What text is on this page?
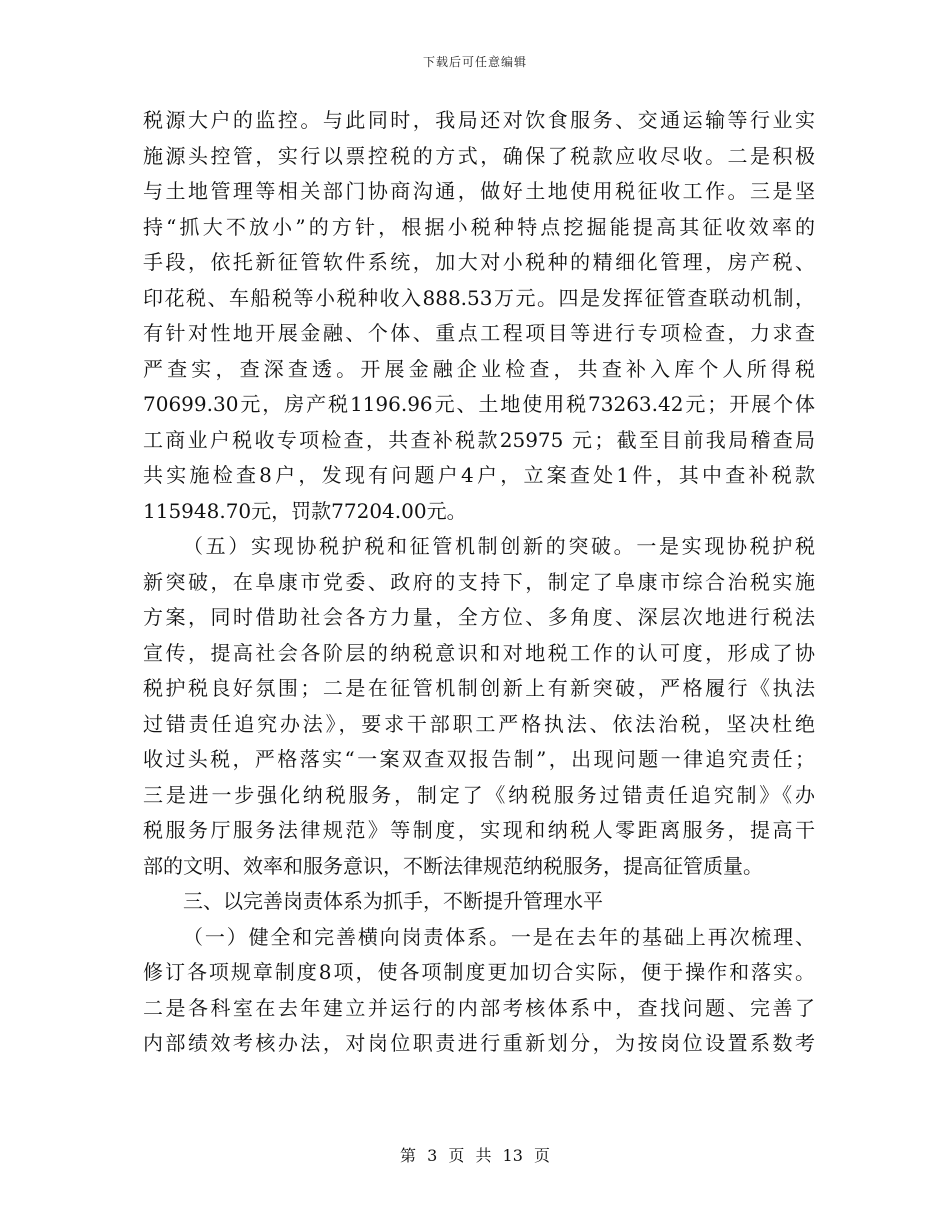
下载后可任意编辑
税源大户的监控。与此同时，我局还对饮食服务、交通运输等行业实
施源头控管，实行以票控税的方式，确保了税款应收尽收。二是积极
与土地管理等相关部门协商沟通，做好土地使用税征收工作。三是坚
持“抓大不放小”的方针，根据小税种特点挖掘能提高其征收效率的
手段，依托新征管软件系统，加大对小税种的精细化管理，房产税、
印花税、车船税等小税种收入888.53万元。四是发挥征管查联动机制，
有针对性地开展金融、个体、重点工程项目等进行专项检查，力求查
严查实，查深查透。开展金融企业检查，共查补入库个人所得税
70699.30元，房产税1196.96元、土地使用税73263.42元；开展个体
工商业户税收专项检查，共查补税款25975 元；截至目前我局稽查局
共实施检查8户，发现有问题户4户，立案查处1件，其中查补税款
115948.70元，罚款77204.00元。
（五）实现协税护税和征管机制创新的突破。一是实现协税护税
新突破，在阜康市党委、政府的支持下，制定了阜康市综合治税实施
方案，同时借助社会各方力量，全方位、多角度、深层次地进行税法
宣传，提高社会各阶层的纳税意识和对地税工作的认可度，形成了协
税护税良好氛围；二是在征管机制创新上有新突破，严格履行《执法
过错责任追究办法》，要求干部职工严格执法、依法治税，坚决杜绝
收过头税，严格落实“一案双查双报告制”，出现问题一律追究责任；
三是进一步强化纳税服务，制定了《纳税服务过错责任追究制》《办
税服务厅服务法律规范》等制度，实现和纳税人零距离服务，提高干
部的文明、效率和服务意识，不断法律规范纳税服务，提高征管质量。
三、以完善岗责体系为抓手，不断提升管理水平
（一）健全和完善横向岗责体系。一是在去年的基础上再次梳理、
修订各项规章制度8项，使各项制度更加切合实际，便于操作和落实。
二是各科室在去年建立并运行的内部考核体系中，查找问题、完善了
内部绩效考核办法，对岗位职责进行重新划分，为按岗位设置系数考
第 3 页 共 13 页
